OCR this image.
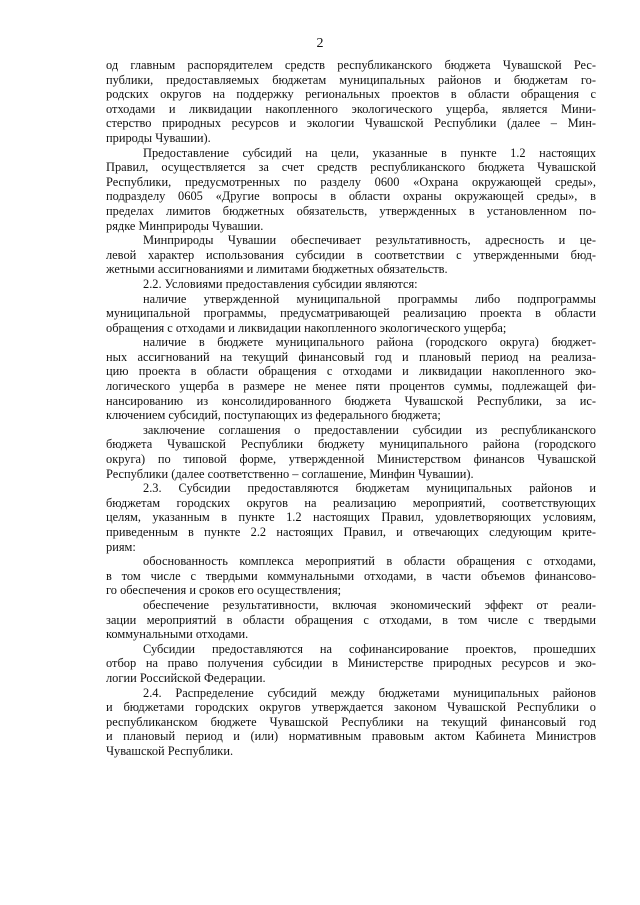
2
од главным распорядителем средств республиканского бюджета Чувашской Рес-
публики, предоставляемых бюджетам муниципальных районов и бюджетам го-
родских округов на поддержку региональных проектов в области обращения с
отходами и ликвидации накопленного экологического ущерба, является Мини-
стерство природных ресурсов и экологии Чувашской Республики (далее – Мин-
природы Чувашии).
Предоставление субсидий на цели, указанные в пункте 1.2 настоящих
Правил, осуществляется за счет средств республиканского бюджета Чувашской
Республики, предусмотренных по разделу 0600 «Охрана окружающей среды»,
подразделу 0605 «Другие вопросы в области охраны окружающей среды», в
пределах лимитов бюджетных обязательств, утвержденных в установленном по-
рядке Минприроды Чувашии.
Минприроды Чувашии обеспечивает результативность, адресность и це-
левой характер использования субсидии в соответствии с утвержденными бюд-
жетными ассигнованиями и лимитами бюджетных обязательств.
2.2. Условиями предоставления субсидии являются:
наличие утвержденной муниципальной программы либо подпрограммы
муниципальной программы, предусматривающей реализацию проекта в области
обращения с отходами и ликвидации накопленного экологического ущерба;
наличие в бюджете муниципального района (городского округа) бюджет-
ных ассигнований на текущий финансовый год и плановый период на реализа-
цию проекта в области обращения с отходами и ликвидации накопленного эко-
логического ущерба в размере не менее пяти процентов суммы, подлежащей фи-
нансированию из консолидированного бюджета Чувашской Республики, за ис-
ключением субсидий, поступающих из федерального бюджета;
заключение соглашения о предоставлении субсидии из республиканского
бюджета Чувашской Республики бюджету муниципального района (городского
округа) по типовой форме, утвержденной Министерством финансов Чувашской
Республики (далее соответственно – соглашение, Минфин Чувашии).
2.3. Субсидии предоставляются бюджетам муниципальных районов и
бюджетам городских округов на реализацию мероприятий, соответствующих
целям, указанным в пункте 1.2 настоящих Правил, удовлетворяющих условиям,
приведенным в пункте 2.2 настоящих Правил, и отвечающих следующим крите-
риям:
обоснованность комплекса мероприятий в области обращения с отходами,
в том числе с твердыми коммунальными отходами, в части объемов финансово-
го обеспечения и сроков его осуществления;
обеспечение результативности, включая экономический эффект от реали-
зации мероприятий в области обращения с отходами, в том числе с твердыми
коммунальными отходами.
Субсидии предоставляются на софинансирование проектов, прошедших
отбор на право получения субсидии в Министерстве природных ресурсов и эко-
логии Российской Федерации.
2.4. Распределение субсидий между бюджетами муниципальных районов
и бюджетами городских округов утверждается законом Чувашской Республики о
республиканском бюджете Чувашской Республики на текущий финансовый год
и плановый период и (или) нормативным правовым актом Кабинета Министров
Чувашской Республики.
